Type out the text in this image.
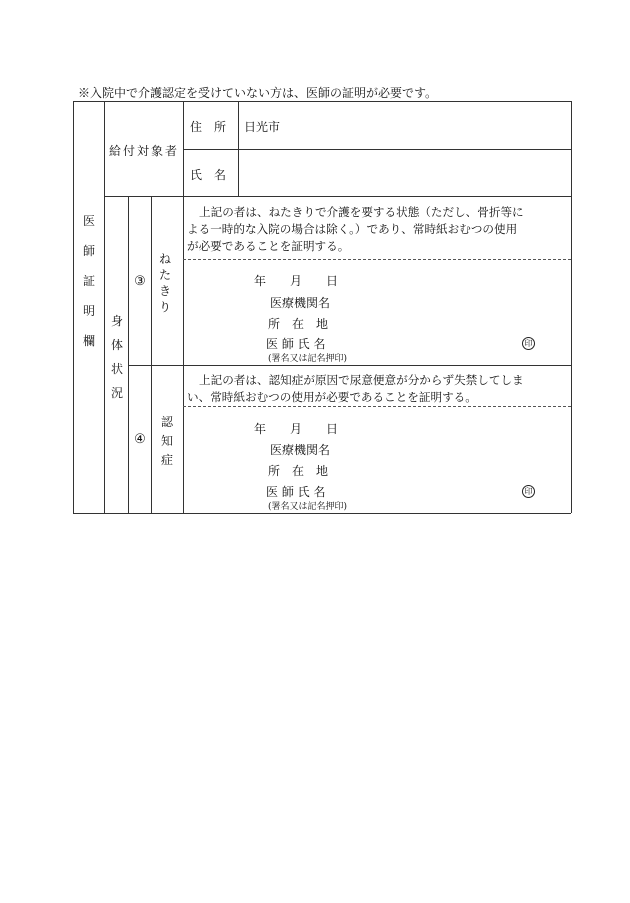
※入院中で介護認定を受けていない方は、医師の証明が必要です。
医
師
証
明
欄
給付対象者
住　所 日光市
氏　名
身
体
状
況
③
ね
た
き
り
上記の者は、ねたきりで介護を要する状態（ただし、骨折等に
よる一時的な入院の場合は除く。）であり、常時紙おむつの使用
が必要であることを証明する。
年　　月　　日
医療機関名
所　在　地
医 師 氏 名	印
(署名又は記名押印)
④
認
知
症
上記の者は、認知症が原因で尿意便意が分からず失禁してしま
い、常時紙おむつの使用が必要であることを証明する。
年　　月　　日
医療機関名
所　在　地
医 師 氏 名	印
(署名又は記名押印)
